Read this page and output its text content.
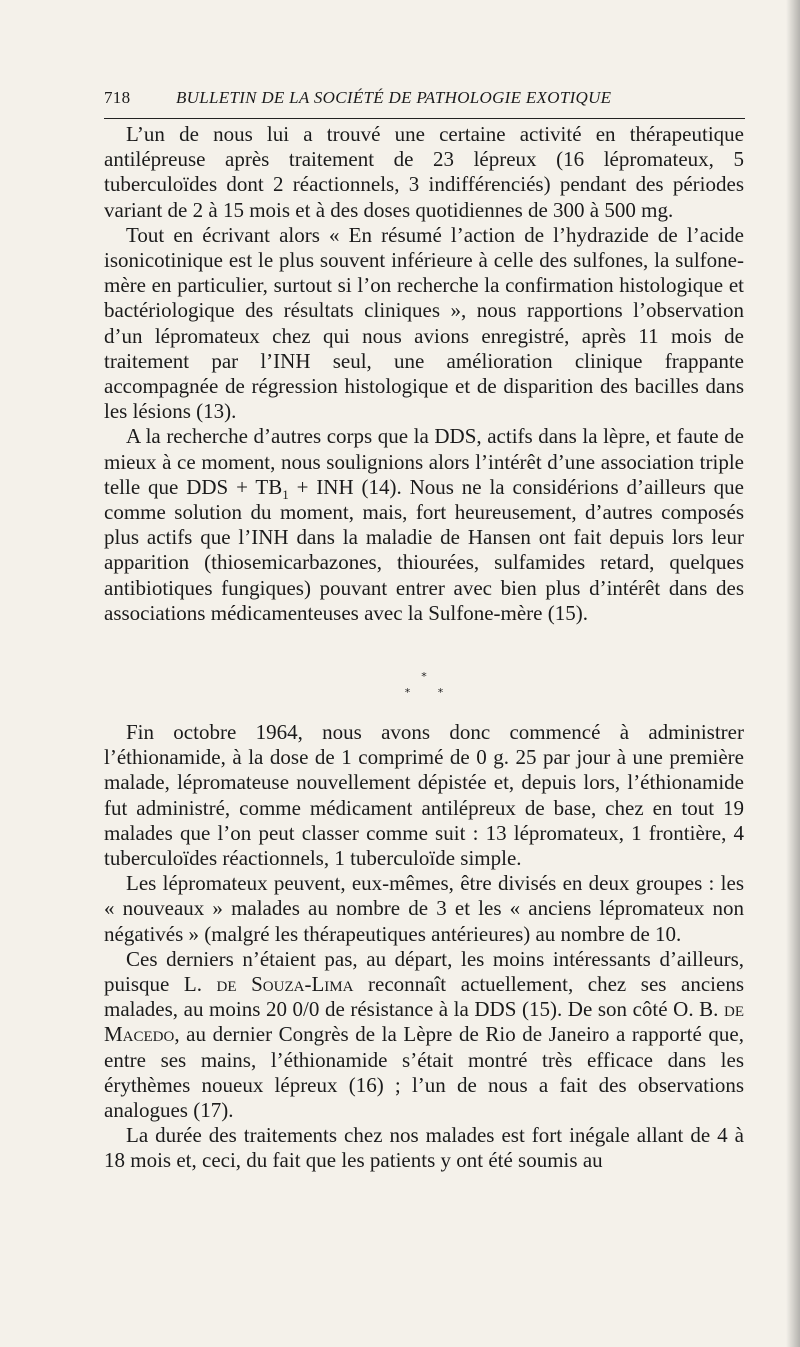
718	BULLETIN DE LA SOCIÉTÉ DE PATHOLOGIE EXOTIQUE

L’un de nous lui a trouvé une certaine activité en thérapeutique antilépreuse après traitement de 23 lépreux (16 lépromateux, 5 tuberculoïdes dont 2 réactionnels, 3 indifférenciés) pendant des périodes variant de 2 à 15 mois et à des doses quotidiennes de 300 à 500 mg.

Tout en écrivant alors « En résumé l’action de l’hydrazide de l’acide isonicotinique est le plus souvent inférieure à celle des sulfones, la sulfone-mère en particulier, surtout si l’on recherche la confirmation histologique et bactériologique des résultats cliniques », nous rapportions l’observation d’un lépromateux chez qui nous avions enregistré, après 11 mois de traitement par l’INH seul, une amélioration clinique frappante accompagnée de régression histologique et de disparition des bacilles dans les lésions (13).

A la recherche d’autres corps que la DDS, actifs dans la lèpre, et faute de mieux à ce moment, nous soulignions alors l’intérêt d’une association triple telle que DDS + $TB_1$ + INH (14). Nous ne la considérions d’ailleurs que comme solution du moment, mais, fort heureusement, d’autres composés plus actifs que l’INH dans la maladie de Hansen ont fait depuis lors leur apparition (thiosemicarbazones, thiourées, sulfamides retard, quelques antibiotiques fungiques) pouvant entrer avec bien plus d’intérêt dans des associations médicamenteuses avec la Sulfone-mère (15).

*
* *

Fin octobre 1964, nous avons donc commencé à administrer l’éthionamide, à la dose de 1 comprimé de 0 g. 25 par jour à une première malade, lépromateuse nouvellement dépistée et, depuis lors, l’éthionamide fut administré, comme médicament antilépreux de base, chez en tout 19 malades que l’on peut classer comme suit : 13 lépromateux, 1 frontière, 4 tuberculoïdes réactionnels, 1 tuberculoïde simple.

Les lépromateux peuvent, eux-mêmes, être divisés en deux groupes : les « nouveaux » malades au nombre de 3 et les « anciens lépromateux non négativés » (malgré les thérapeutiques antérieures) au nombre de 10.

Ces derniers n’étaient pas, au départ, les moins intéressants d’ailleurs, puisque L. de Souza-Lima reconnaît actuellement, chez ses anciens malades, au moins 20 0/0 de résistance à la DDS (15). De son côté O. B. de Macedo, au dernier Congrès de la Lèpre de Rio de Janeiro a rapporté que, entre ses mains, l’éthionamide s’était montré très efficace dans les érythèmes noueux lépreux (16) ; l’un de nous a fait des observations analogues (17).

La durée des traitements chez nos malades est fort inégale allant de 4 à 18 mois et, ceci, du fait que les patients y ont été soumis au
